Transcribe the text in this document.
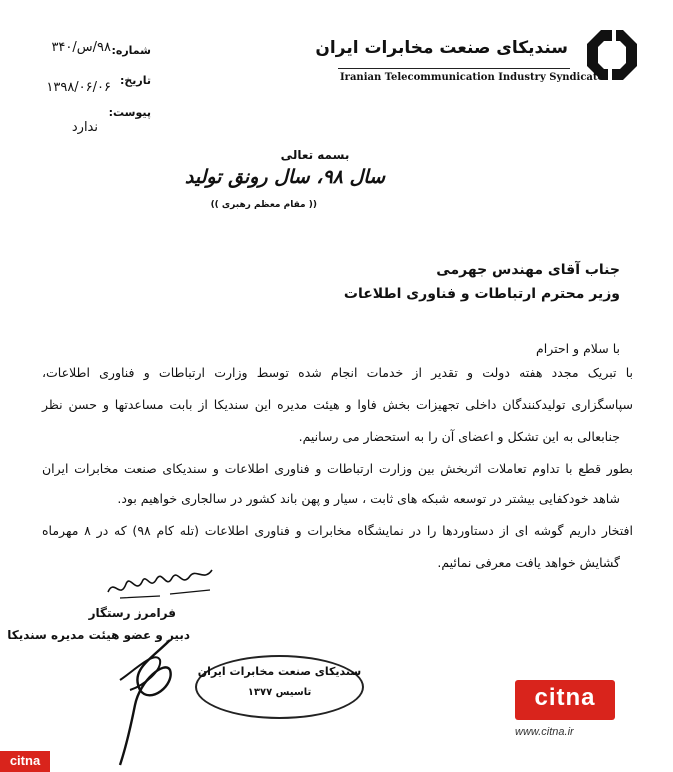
سندیکای صنعت مخابرات ایران
Iranian Telecommunication Industry Syndicate
شماره:
۹۸/س/۳۴۰
تاریخ:
۱۳۹۸/۰۶/۰۶
پیوست:
ندارد
بسمه تعالی
سال ۹۸، سال رونق تولید
(( مقام معظم رهبری ))
جناب آقای مهندس جهرمی
وزیر محترم ارتباطات و فناوری اطلاعات
با سلام و احترام
با تبریک مجدد هفته دولت و تقدیر از خدمات انجام شده توسط وزارت ارتباطات و فناوری اطلاعات،
سپاسگزاری تولیدکنندگان داخلی تجهیزات بخش فاوا و هیئت مدیره این سندیکا از بابت مساعدتها و حسن نظر
جنابعالی به این تشکل و اعضای آن را به استحضار می رسانیم.
بطور قطع با تداوم تعاملات اثربخش بین وزارت ارتباطات و فناوری اطلاعات و سندیکای صنعت مخابرات ایران
شاهد خودکفایی بیشتر در توسعه شبکه های ثابت ، سیار و پهن باند کشور در سالجاری خواهیم بود.
افتخار داریم گوشه ای از دستاوردها را در نمایشگاه مخابرات و فناوری اطلاعات (تله کام ۹۸) که در ۸ مهرماه
گشایش خواهد یافت معرفی نمائیم.
فرامرز رستگار
دبیر و عضو هیئت مدیره سندیکا
سندیکای صنعت مخابرات ایران
تاسیس ۱۳۷۷	citna
www.citna.ir
citna
